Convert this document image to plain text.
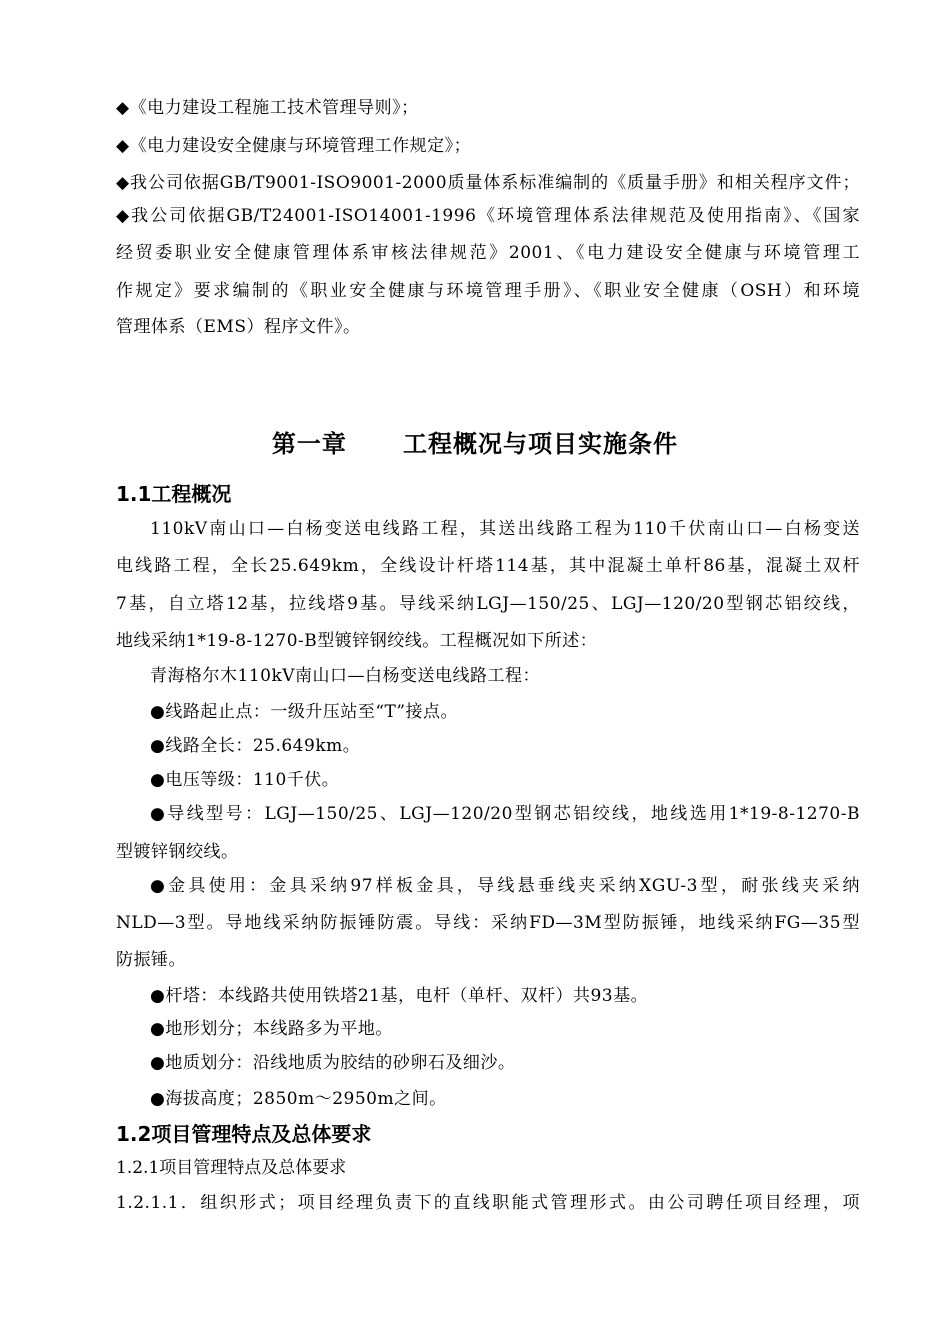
◆《电力建设工程施工技术管理导则》；
◆《电力建设安全健康与环境管理工作规定》；
◆我公司依据GB/T9001-ISO9001-2000质量体系标准编制的《质量手册》和相关程序文件；
◆我公司依据GB/T24001-ISO14001-1996《环境管理体系法律规范及使用指南》、《国家
经贸委职业安全健康管理体系审核法律规范》2001、《电力建设安全健康与环境管理工
作规定》要求编制的《职业安全健康与环境管理手册》、《职业安全健康（OSH）和环境
管理体系（EMS）程序文件》。
第一章      工程概况与项目实施条件
1.1工程概况
110kV南山口—白杨变送电线路工程，其送出线路工程为110千伏南山口—白杨变送
电线路工程，全长25.649km，全线设计杆塔114基，其中混凝土单杆86基，混凝土双杆
7基，自立塔12基，拉线塔9基。导线采纳LGJ—150/25、LGJ—120/20型钢芯铝绞线，
地线采纳1*19-8-1270-B型镀锌钢绞线。工程概况如下所述：
青海格尔木110kV南山口—白杨变送电线路工程：
●线路起止点：一级升压站至“T”接点。
●线路全长：25.649km。
●电压等级：110千伏。
●导线型号：LGJ—150/25、LGJ—120/20型钢芯铝绞线，地线选用1*19-8-1270-B
型镀锌钢绞线。
●金具使用：金具采纳97样板金具，导线悬垂线夹采纳XGU-3型，耐张线夹采纳
NLD—3型。导地线采纳防振锤防震。导线：采纳FD—3M型防振锤，地线采纳FG—35型
防振锤。
●杆塔：本线路共使用铁塔21基，电杆（单杆、双杆）共93基。
●地形划分；本线路多为平地。
●地质划分：沿线地质为胶结的砂卵石及细沙。
●海拔高度；2850m～2950m之间。
1.2项目管理特点及总体要求
1.2.1项目管理特点及总体要求
1.2.1.1．组织形式；项目经理负责下的直线职能式管理形式。由公司聘任项目经理，项
